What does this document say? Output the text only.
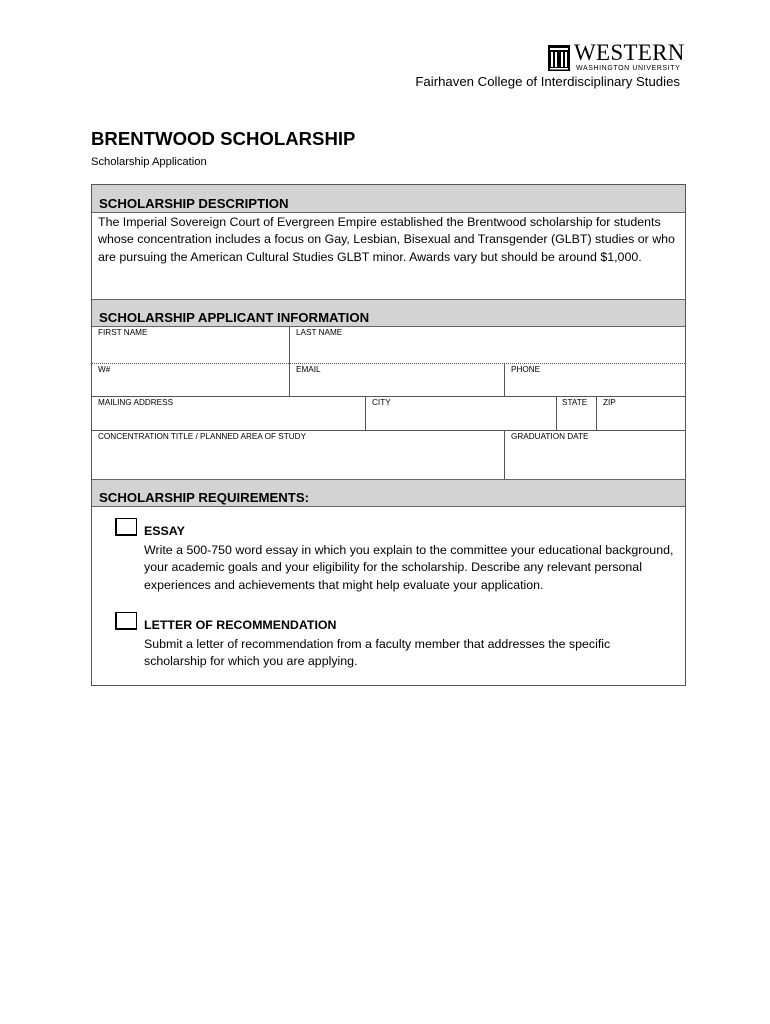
WESTERN
WASHINGTON UNIVERSITY
Fairhaven College of Interdisciplinary Studies
BRENTWOOD SCHOLARSHIP
Scholarship Application
SCHOLARSHIP DESCRIPTION
The Imperial Sovereign Court of Evergreen Empire established the Brentwood scholarship for students whose concentration includes a focus on Gay, Lesbian, Bisexual and Transgender (GLBT) studies or who are pursuing the American Cultural Studies GLBT minor. Awards vary but should be around $1,000.
SCHOLARSHIP APPLICANT INFORMATION
FIRST NAME	LAST NAME
W#	EMAIL	PHONE
MAILING ADDRESS	CITY	STATE ZIP
CONCENTRATION TITLE / PLANNED AREA OF STUDY	GRADUATION DATE
SCHOLARSHIP REQUIREMENTS:
ESSAY
Write a 500-750 word essay in which you explain to the committee your educational background, your academic goals and your eligibility for the scholarship. Describe any relevant personal experiences and achievements that might help evaluate your application.
LETTER OF RECOMMENDATION
Submit a letter of recommendation from a faculty member that addresses the specific scholarship for which you are applying.
